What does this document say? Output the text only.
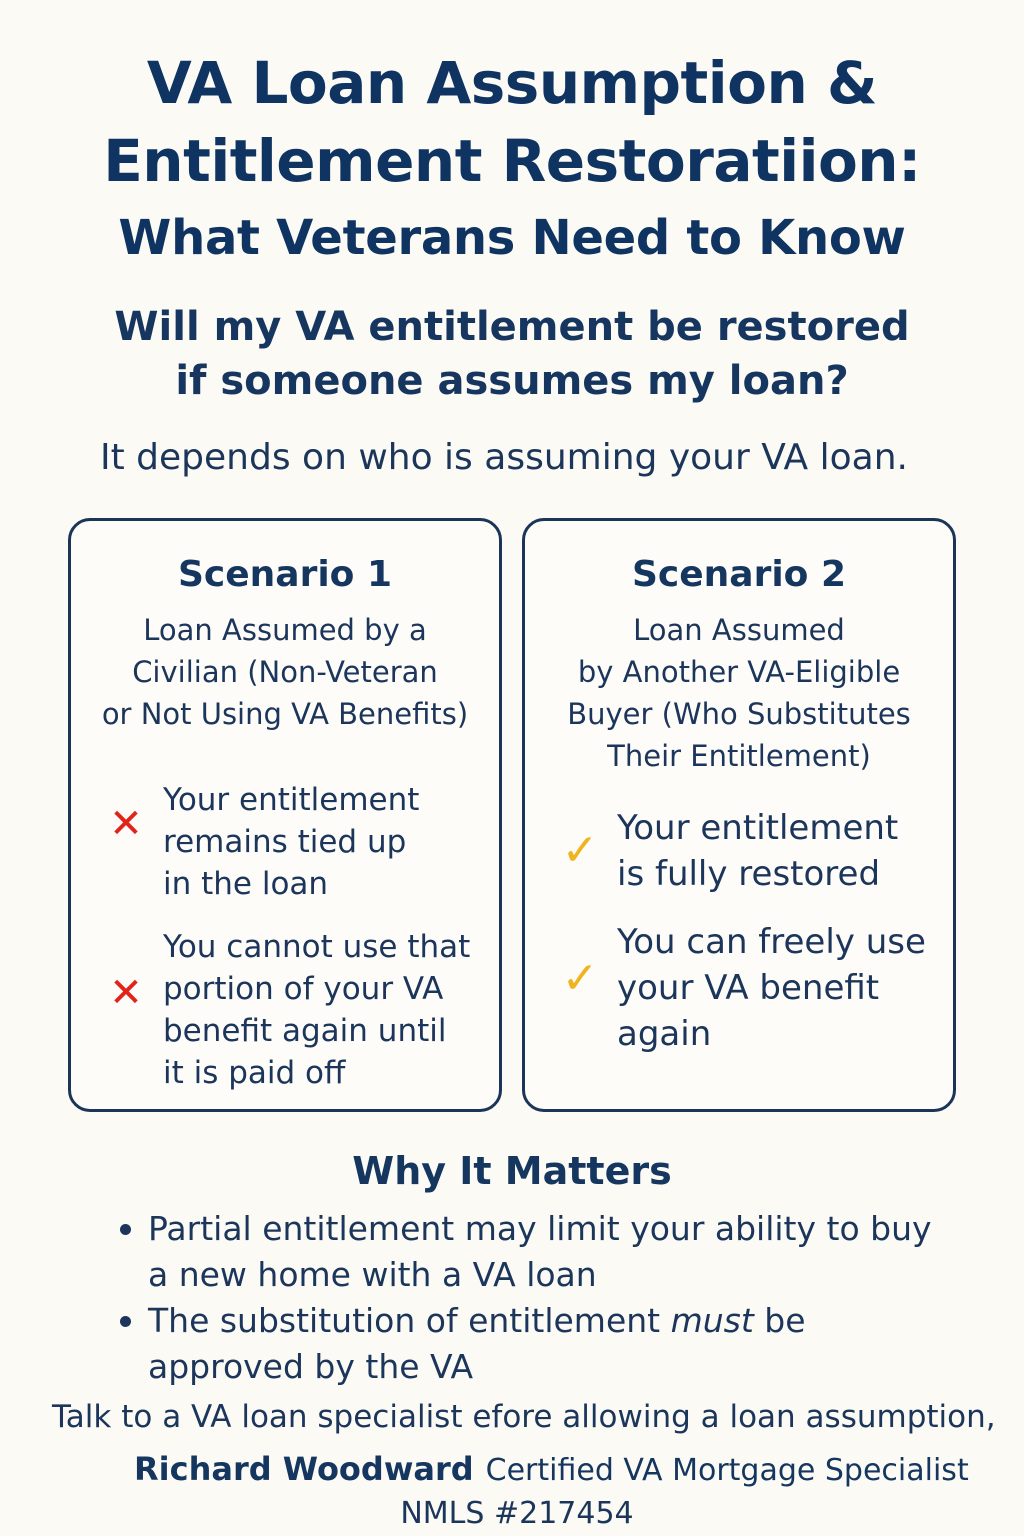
VA Loan Assumption &
Entitlement Restoratiion:
What Veterans Need to Know
Will my VA entitlement be restored
if someone assumes my loan?
It depends on who is assuming your VA loan.
Scenario 1
Loan Assumed by a
Civilian (Non-Veteran
or Not Using VA Benefits)
✕
Your entitlement
remains tied up
in the loan
✕
You cannot use that
portion of your VA
benefit again until
it is paid off
Scenario 2
Loan Assumed
by Another VA-Eligible
Buyer (Who Substitutes
Their Entitlement)
✓ Your entitlement
is fully restored
✓
You can freely use
your VA benefit
again
Why It Matters
Partial entitlement may limit your ability to buy
a new home with a VA loan
The substitution of entitlement must be
approved by the VA
Talk to a VA loan specialist efore allowing a loan assumption,
Richard Woodward Certified VA Mortgage Specialist
NMLS #217454
